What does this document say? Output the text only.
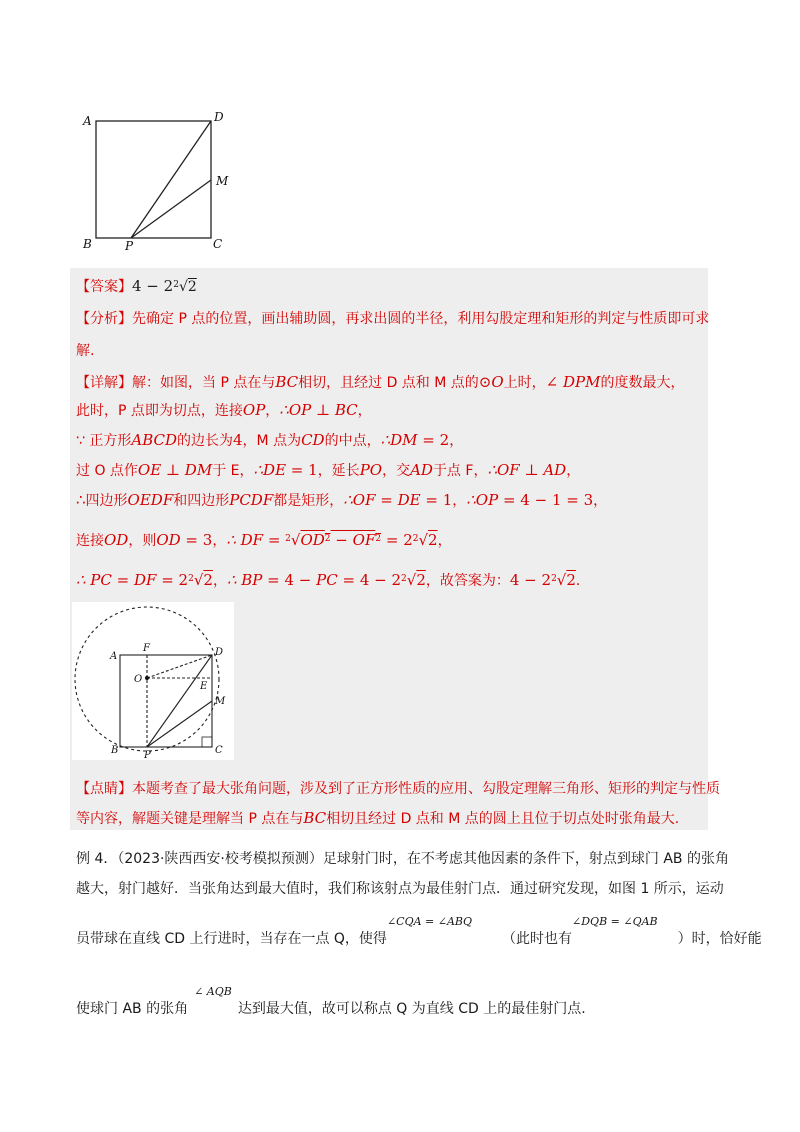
A	D
M
B	P	C
【答案】$4 - 2^2√2$
【分析】先确定 P 点的位置，画出辅助圆，再求出圆的半径，利用勾股定理和矩形的判定与性质即可求
解.
【详解】解：如图，当 P 点在与BC相切，且经过 D 点和 M 点的⊙O上时，∠ DPM的度数最大，
此时，P 点即为切点，连接OP，∴OP ⊥ BC，
∵ 正方形ABCD的边长为4，M 点为CD的中点，∴DM = 2，
过 O 点作OE ⊥ DM于 E，∴DE = 1，延长PO，交AD于点 F，∴OF ⊥ AD，
∴四边形OEDF和四边形PCDF都是矩形，∴OF = DE = 1，∴OP = 4 − 1 = 3，
连接OD，则OD = 3，∴ DF = $^2√OD^2 - OF^2 = 2^2√2$，
∴ PC = DF = $2^2√2$，∴ BP = 4 − PC = $4 - 2^2√2$，故答案为：$4 - 2^2√2$.
A
F	D
O
E
M
B	P	C
【点睛】本题考查了最大张角问题，涉及到了正方形性质的应用、勾股定理解三角形、矩形的判定与性质
等内容，解题关键是理解当 P 点在与BC相切且经过 D 点和 M 点的圆上且位于切点处时张角最大.
例 4．（2023·陕西西安·校考模拟预测）足球射门时，在不考虑其他因素的条件下，射点到球门 AB 的张角
越大，射门越好．当张角达到最大值时，我们称该射点为最佳射门点．通过研究发现，如图 1 所示，运动
员带球在直线 CD 上行进时，当存在一点 Q，使得$^{\angle CQA = \angle ABQ}$（此时也有$^{\angle DQB = \angle QAB}$）时，恰好能
使球门 AB 的张角$^{\angle AQB}$达到最大值，故可以称点 Q 为直线 CD 上的最佳射门点.
